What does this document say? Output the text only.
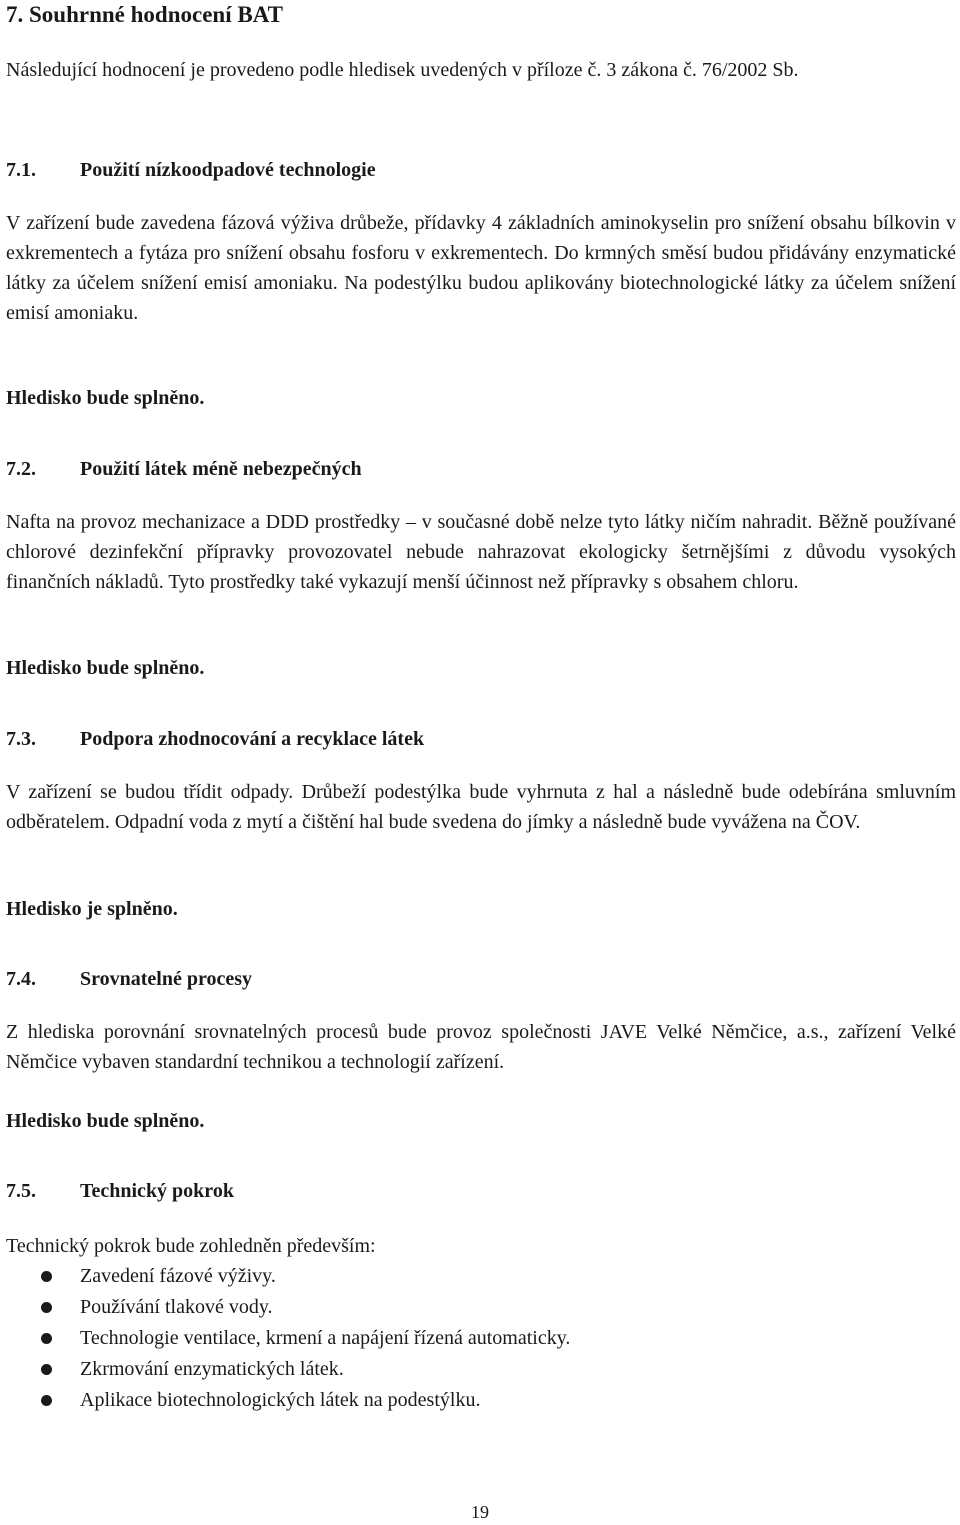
7. Souhrnné hodnocení BAT

Následující hodnocení je provedeno podle hledisek uvedených v příloze č. 3 zákona č. 76/2002 Sb.

7.1. Použití nízkoodpadové technologie

V zařízení bude zavedena fázová výživa drůbeže, přídavky 4 základních aminokyselin pro snížení obsahu bílkovin v exkrementech a fytáza pro snížení obsahu fosforu v exkrementech. Do krmných směsí budou přidávány enzymatické látky za účelem snížení emisí amoniaku. Na podestýlku budou aplikovány biotechnologické látky za účelem snížení emisí amoniaku.

Hledisko bude splněno.
7.2. Použití látek méně nebezpečných

Nafta na provoz mechanizace a DDD prostředky – v současné době nelze tyto látky ničím nahradit. Běžně používané chlorové dezinfekční přípravky provozovatel nebude nahrazovat ekologicky šetrnějšími z důvodu vysokých finančních nákladů. Tyto prostředky také vykazují menší účinnost než přípravky s obsahem chloru.

Hledisko bude splněno.
7.3. Podpora zhodnocování a recyklace látek

V zařízení se budou třídit odpady. Drůbeží podestýlka bude vyhrnuta z hal a následně bude odebírána smluvním odběratelem. Odpadní voda z mytí a čištění hal bude svedena do jímky a následně bude vyvážena na ČOV.

Hledisko je splněno.
7.4. Srovnatelné procesy

Z hlediska porovnání srovnatelných procesů bude provoz společnosti JAVE Velké Němčice, a.s., zařízení Velké Němčice vybaven standardní technikou a technologií zařízení.

Hledisko bude splněno.
7.5. Technický pokrok

Technický pokrok bude zohledněn především:

Zavedení fázové výživy.
Používání tlakové vody.
Technologie ventilace, krmení a napájení řízená automaticky.
Zkrmování enzymatických látek.
Aplikace biotechnologických látek na podestýlku.
19
